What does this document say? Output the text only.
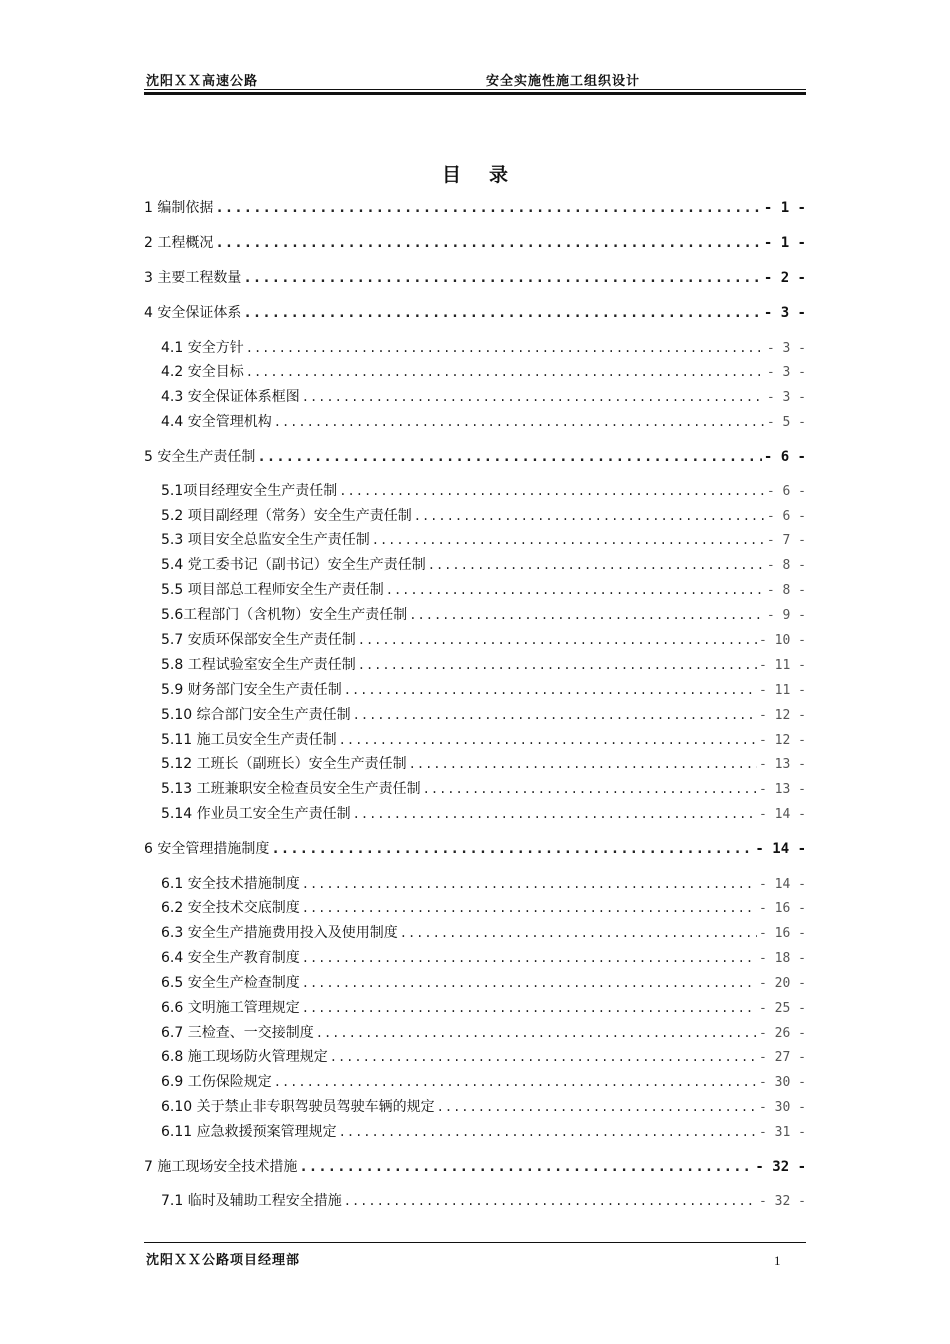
沈阳ＸＸ高速公路	安全实施性施工组织设计
目录
1 编制依据 .....	- 1 -
2 工程概况 .....	- 1 -
3 主要工程数量 .....	- 2 -
4 安全保证体系 .....	- 3 -
4.1 安全方针 .....	- 3 -
4.2 安全目标 .....	- 3 -
4.3 安全保证体系框图 .....	- 3 -
4.4 安全管理机构 .....	- 5 -
5 安全生产责任制 .....	- 6 -
5.1项目经理安全生产责任制 .....	- 6 -
5.2 项目副经理（常务）安全生产责任制 .....	- 6 -
5.3 项目安全总监安全生产责任制 .....	- 7 -
5.4 党工委书记（副书记）安全生产责任制 .....	- 8 -
5.5 项目部总工程师安全生产责任制 .....	- 8 -
5.6工程部门（含机物）安全生产责任制 .....	- 9 -
5.7 安质环保部安全生产责任制 .....	- 10 -
5.8 工程试验室安全生产责任制 .....	- 11 -
5.9 财务部门安全生产责任制 .....	- 11 -
5.10 综合部门安全生产责任制 .....	- 12 -
5.11 施工员安全生产责任制 .....	- 12 -
5.12 工班长（副班长）安全生产责任制 .....	- 13 -
5.13 工班兼职安全检查员安全生产责任制 .....	- 13 -
5.14 作业员工安全生产责任制 .....	- 14 -
6 安全管理措施制度 .....	- 14 -
6.1 安全技术措施制度 .....	- 14 -
6.2 安全技术交底制度 .....	- 16 -
6.3 安全生产措施费用投入及使用制度 .....	- 16 -
6.4 安全生产教育制度 .....	- 18 -
6.5 安全生产检查制度 .....	- 20 -
6.6 文明施工管理规定 .....	- 25 -
6.7 三检查、一交接制度 .....	- 26 -
6.8 施工现场防火管理规定 .....	- 27 -
6.9 工伤保险规定 .....	- 30 -
6.10 关于禁止非专职驾驶员驾驶车辆的规定 .....	- 30 -
6.11 应急救援预案管理规定 .....	- 31 -
7 施工现场安全技术措施 .....	- 32 -
7.1 临时及辅助工程安全措施 .....	- 32 -
沈阳ＸＸ公路项目经理部	1
